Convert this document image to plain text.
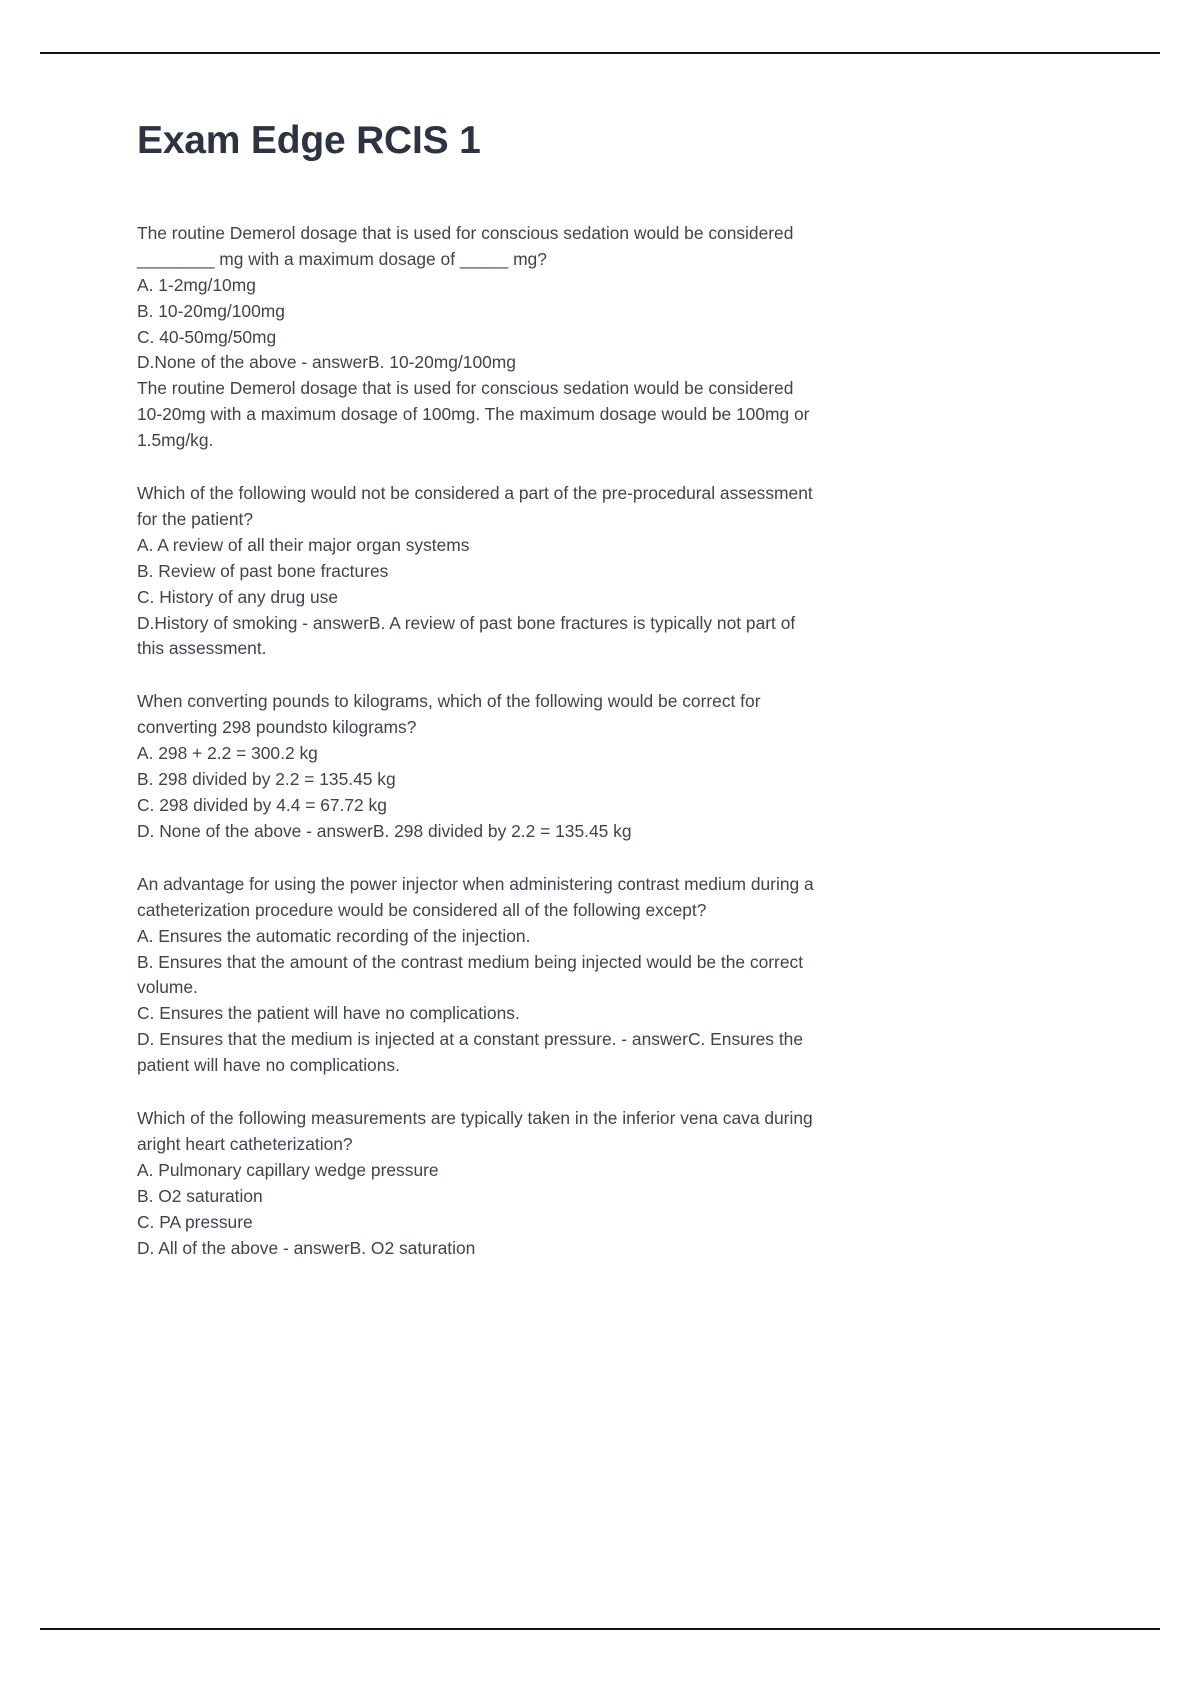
Exam Edge RCIS 1

The routine Demerol dosage that is used for conscious sedation would be considered

________ mg with a maximum dosage of _____ mg?

A. 1-2mg/10mg

B. 10-20mg/100mg

C. 40-50mg/50mg

D.None of the above - answerB. 10-20mg/100mg

The routine Demerol dosage that is used for conscious sedation would be considered

10-20mg with a maximum dosage of 100mg. The maximum dosage would be 100mg or

1.5mg/kg.

Which of the following would not be considered a part of the pre-procedural assessment

for the patient?

A. A review of all their major organ systems

B. Review of past bone fractures

C. History of any drug use

D.History of smoking - answerB. A review of past bone fractures is typically not part of

this assessment.

When converting pounds to kilograms, which of the following would be correct for

converting 298 poundsto kilograms?

A. 298 + 2.2 = 300.2 kg

B. 298 divided by 2.2 = 135.45 kg

C. 298 divided by 4.4 = 67.72 kg

D. None of the above - answerB. 298 divided by 2.2 = 135.45 kg

An advantage for using the power injector when administering contrast medium during a

catheterization procedure would be considered all of the following except?

A. Ensures the automatic recording of the injection.

B. Ensures that the amount of the contrast medium being injected would be the correct

volume.

C. Ensures the patient will have no complications.

D. Ensures that the medium is injected at a constant pressure. - answerC. Ensures the

patient will have no complications.

Which of the following measurements are typically taken in the inferior vena cava during

aright heart catheterization?

A. Pulmonary capillary wedge pressure

B. O2 saturation

C. PA pressure

D. All of the above - answerB. O2 saturation
